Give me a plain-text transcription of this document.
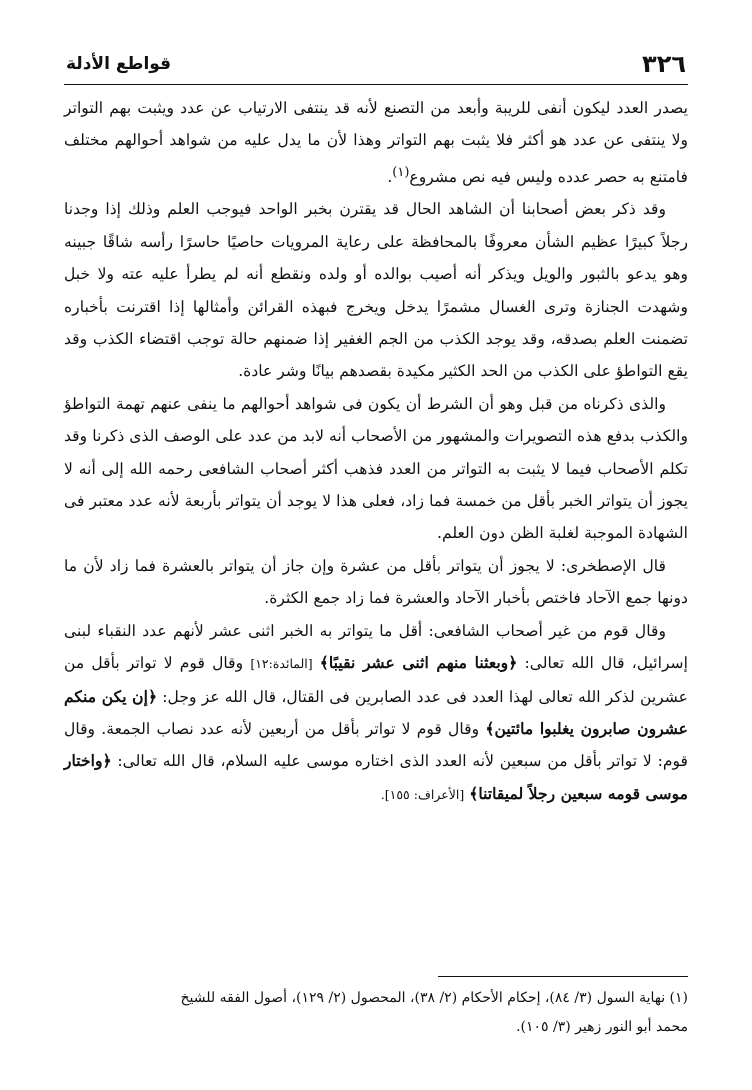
٣٢٦
قواطع الأدلة

يصدر العدد ليكون أنفى للريبة وأبعد من التصنع لأنه قد ينتفى الارتياب عن عدد ويثبت بهم التواتر ولا ينتفى عن عدد هو أكثر فلا يثبت بهم التواتر وهذا لأن ما يدل عليه من شواهد أحوالهم مختلف فامتنع به حصر عدده وليس فيه نص مشروع$^{(١)}$.

وقد ذكر بعض أصحابنا أن الشاهد الحال قد يقترن بخبر الواحد فيوجب العلم وذلك إذا وجدنا رجلاً كبيرًا عظيم الشأن معروفًا بالمحافظة على رعاية المرويات حاصيًا حاسرًا رأسه شاقًا جبينه وهو يدعو بالثبور والويل ويذكر أنه أصيب بوالده أو ولده ونقطع أنه لم يطرأ عليه عته ولا خبل وشهدت الجنازة وترى الغسال مشمرًا يدخل ويخرج فبهذه القرائن وأمثالها إذا اقترنت بأخباره تضمنت العلم بصدقه، وقد يوجد الكذب من الجم الغفير إذا ضمنهم حالة توجب اقتضاء الكذب وقد يقع التواطؤ على الكذب من الحد الكثير مكيدة بقصدهم بيانًا وشر عادة.

والذى ذكرناه من قبل وهو أن الشرط أن يكون فى شواهد أحوالهم ما ينفى عنهم تهمة التواطؤ والكذب بدفع هذه التصويرات والمشهور من الأصحاب أنه لابد من عدد على الوصف الذى ذكرنا وقد تكلم الأصحاب فيما لا يثبت به التواتر من العدد فذهب أكثر أصحاب الشافعى رحمه الله إلى أنه لا يجوز أن يتواتر الخبر بأقل من خمسة فما زاد، فعلى هذا لا يوجد أن يتواتر بأربعة لأنه عدد معتبر فى الشهادة الموجبة لغلبة الظن دون العلم.

قال الإصطخرى: لا يجوز أن يتواتر بأقل من عشرة وإن جاز أن يتواتر بالعشرة فما زاد لأن ما دونها جمع الآحاد فاختص بأخبار الآحاد والعشرة فما زاد جمع الكثرة.

وقال قوم من غير أصحاب الشافعى: أقل ما يتواتر به الخبر اثنى عشر لأنهم عدد النقباء لبنى إسرائيل، قال الله تعالى: ﴿وبعثنا منهم اثنى عشر نقيبًا﴾ [المائدة:١٢] وقال قوم لا تواتر بأقل من عشرين لذكر الله تعالى لهذا العدد فى عدد الصابرين فى القتال، قال الله عز وجل: ﴿إن يكن منكم عشرون صابرون يغلبوا مائتين﴾ وقال قوم لا تواتر بأقل من أربعين لأنه عدد نصاب الجمعة. وقال قوم: لا تواتر بأقل من سبعين لأنه العدد الذى اختاره موسى عليه السلام، قال الله تعالى: ﴿واختار موسى قومه سبعين رجلاً لميقاتنا﴾ [الأعراف: ١٥٥].

(١) نهاية السول (٣/ ٨٤)، إحكام الأحكام (٢/ ٣٨)، المحصول (٢/ ١٢٩)، أصول الفقه للشيخ
محمد أبو النور زهير (٣/ ١٠٥).
